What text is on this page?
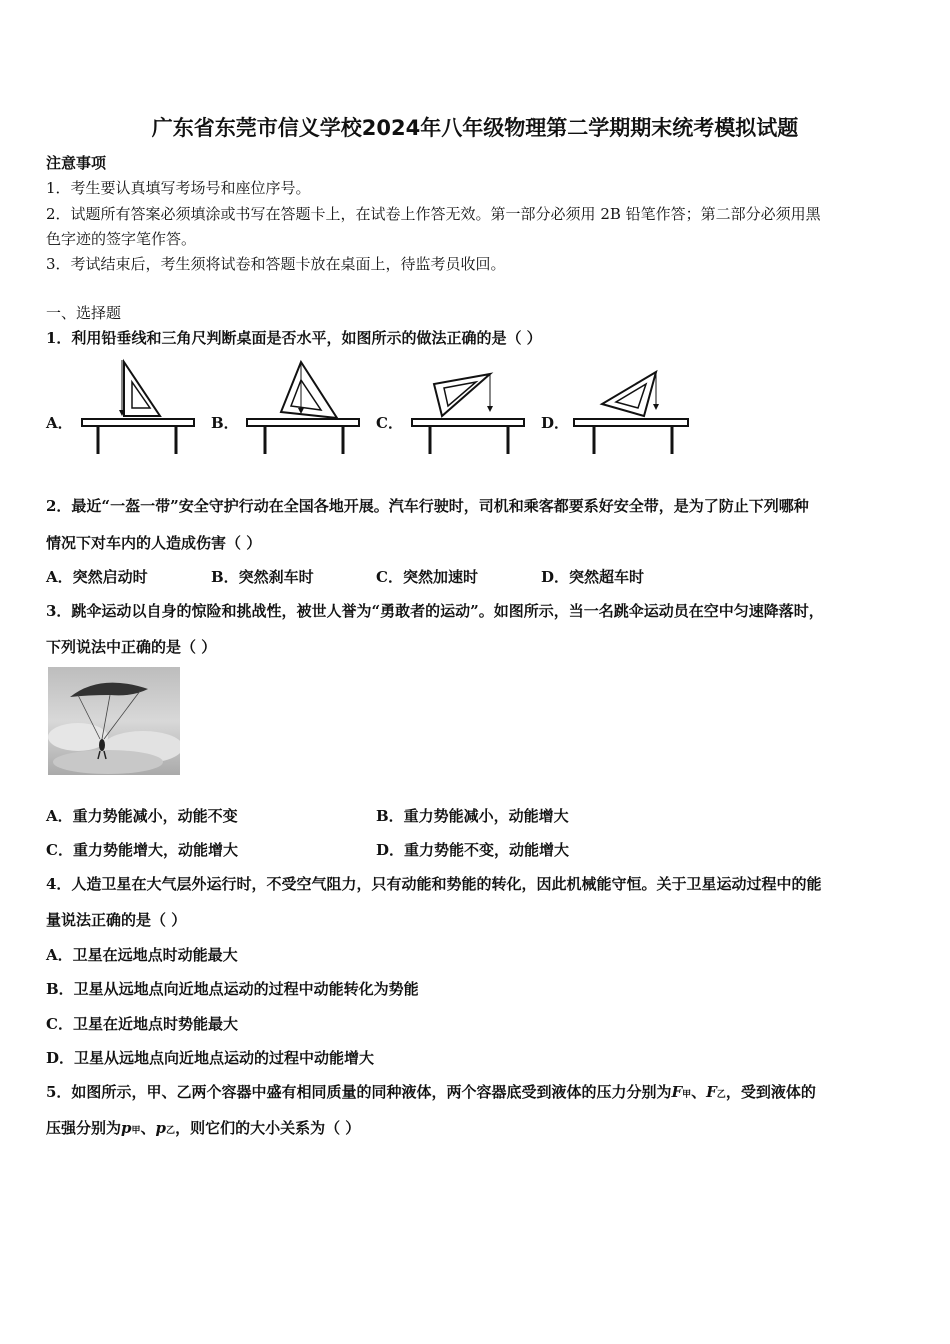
广东省东莞市信义学校2024年八年级物理第二学期期末统考模拟试题
注意事项
1．考生要认真填写考场号和座位序号。
2．试题所有答案必须填涂或书写在答题卡上，在试卷上作答无效。第一部分必须用 2B 铅笔作答；第二部分必须用黑
色字迹的签字笔作答。
3．考试结束后，考生须将试卷和答题卡放在桌面上，待监考员收回。
一、选择题
1．利用铅垂线和三角尺判断桌面是否水平，如图所示的做法正确的是（ ）
A．	B．	C．	D．
2．最近“一盔一带”安全守护行动在全国各地开展。汽车行驶时，司机和乘客都要系好安全带，是为了防止下列哪种
情况下对车内的人造成伤害（ ）
A．突然启动时	B．突然刹车时	C．突然加速时	D．突然超车时
3．跳伞运动以自身的惊险和挑战性，被世人誉为“勇敢者的运动”。如图所示，当一名跳伞运动员在空中匀速降落时，
下列说法中正确的是（ ）
A．重力势能减小，动能不变	B．重力势能减小，动能增大
C．重力势能增大，动能增大	D．重力势能不变，动能增大
4．人造卫星在大气层外运行时，不受空气阻力，只有动能和势能的转化，因此机械能守恒。关于卫星运动过程中的能
量说法正确的是（ ）
A．卫星在远地点时动能最大
B．卫星从远地点向近地点运动的过程中动能转化为势能
C．卫星在近地点时势能最大
D．卫星从远地点向近地点运动的过程中动能增大
5．如图所示，甲、乙两个容器中盛有相同质量的同种液体，两个容器底受到液体的压力分别为F甲、F乙，受到液体的
压强分别为p甲、p乙，则它们的大小关系为（ ）
